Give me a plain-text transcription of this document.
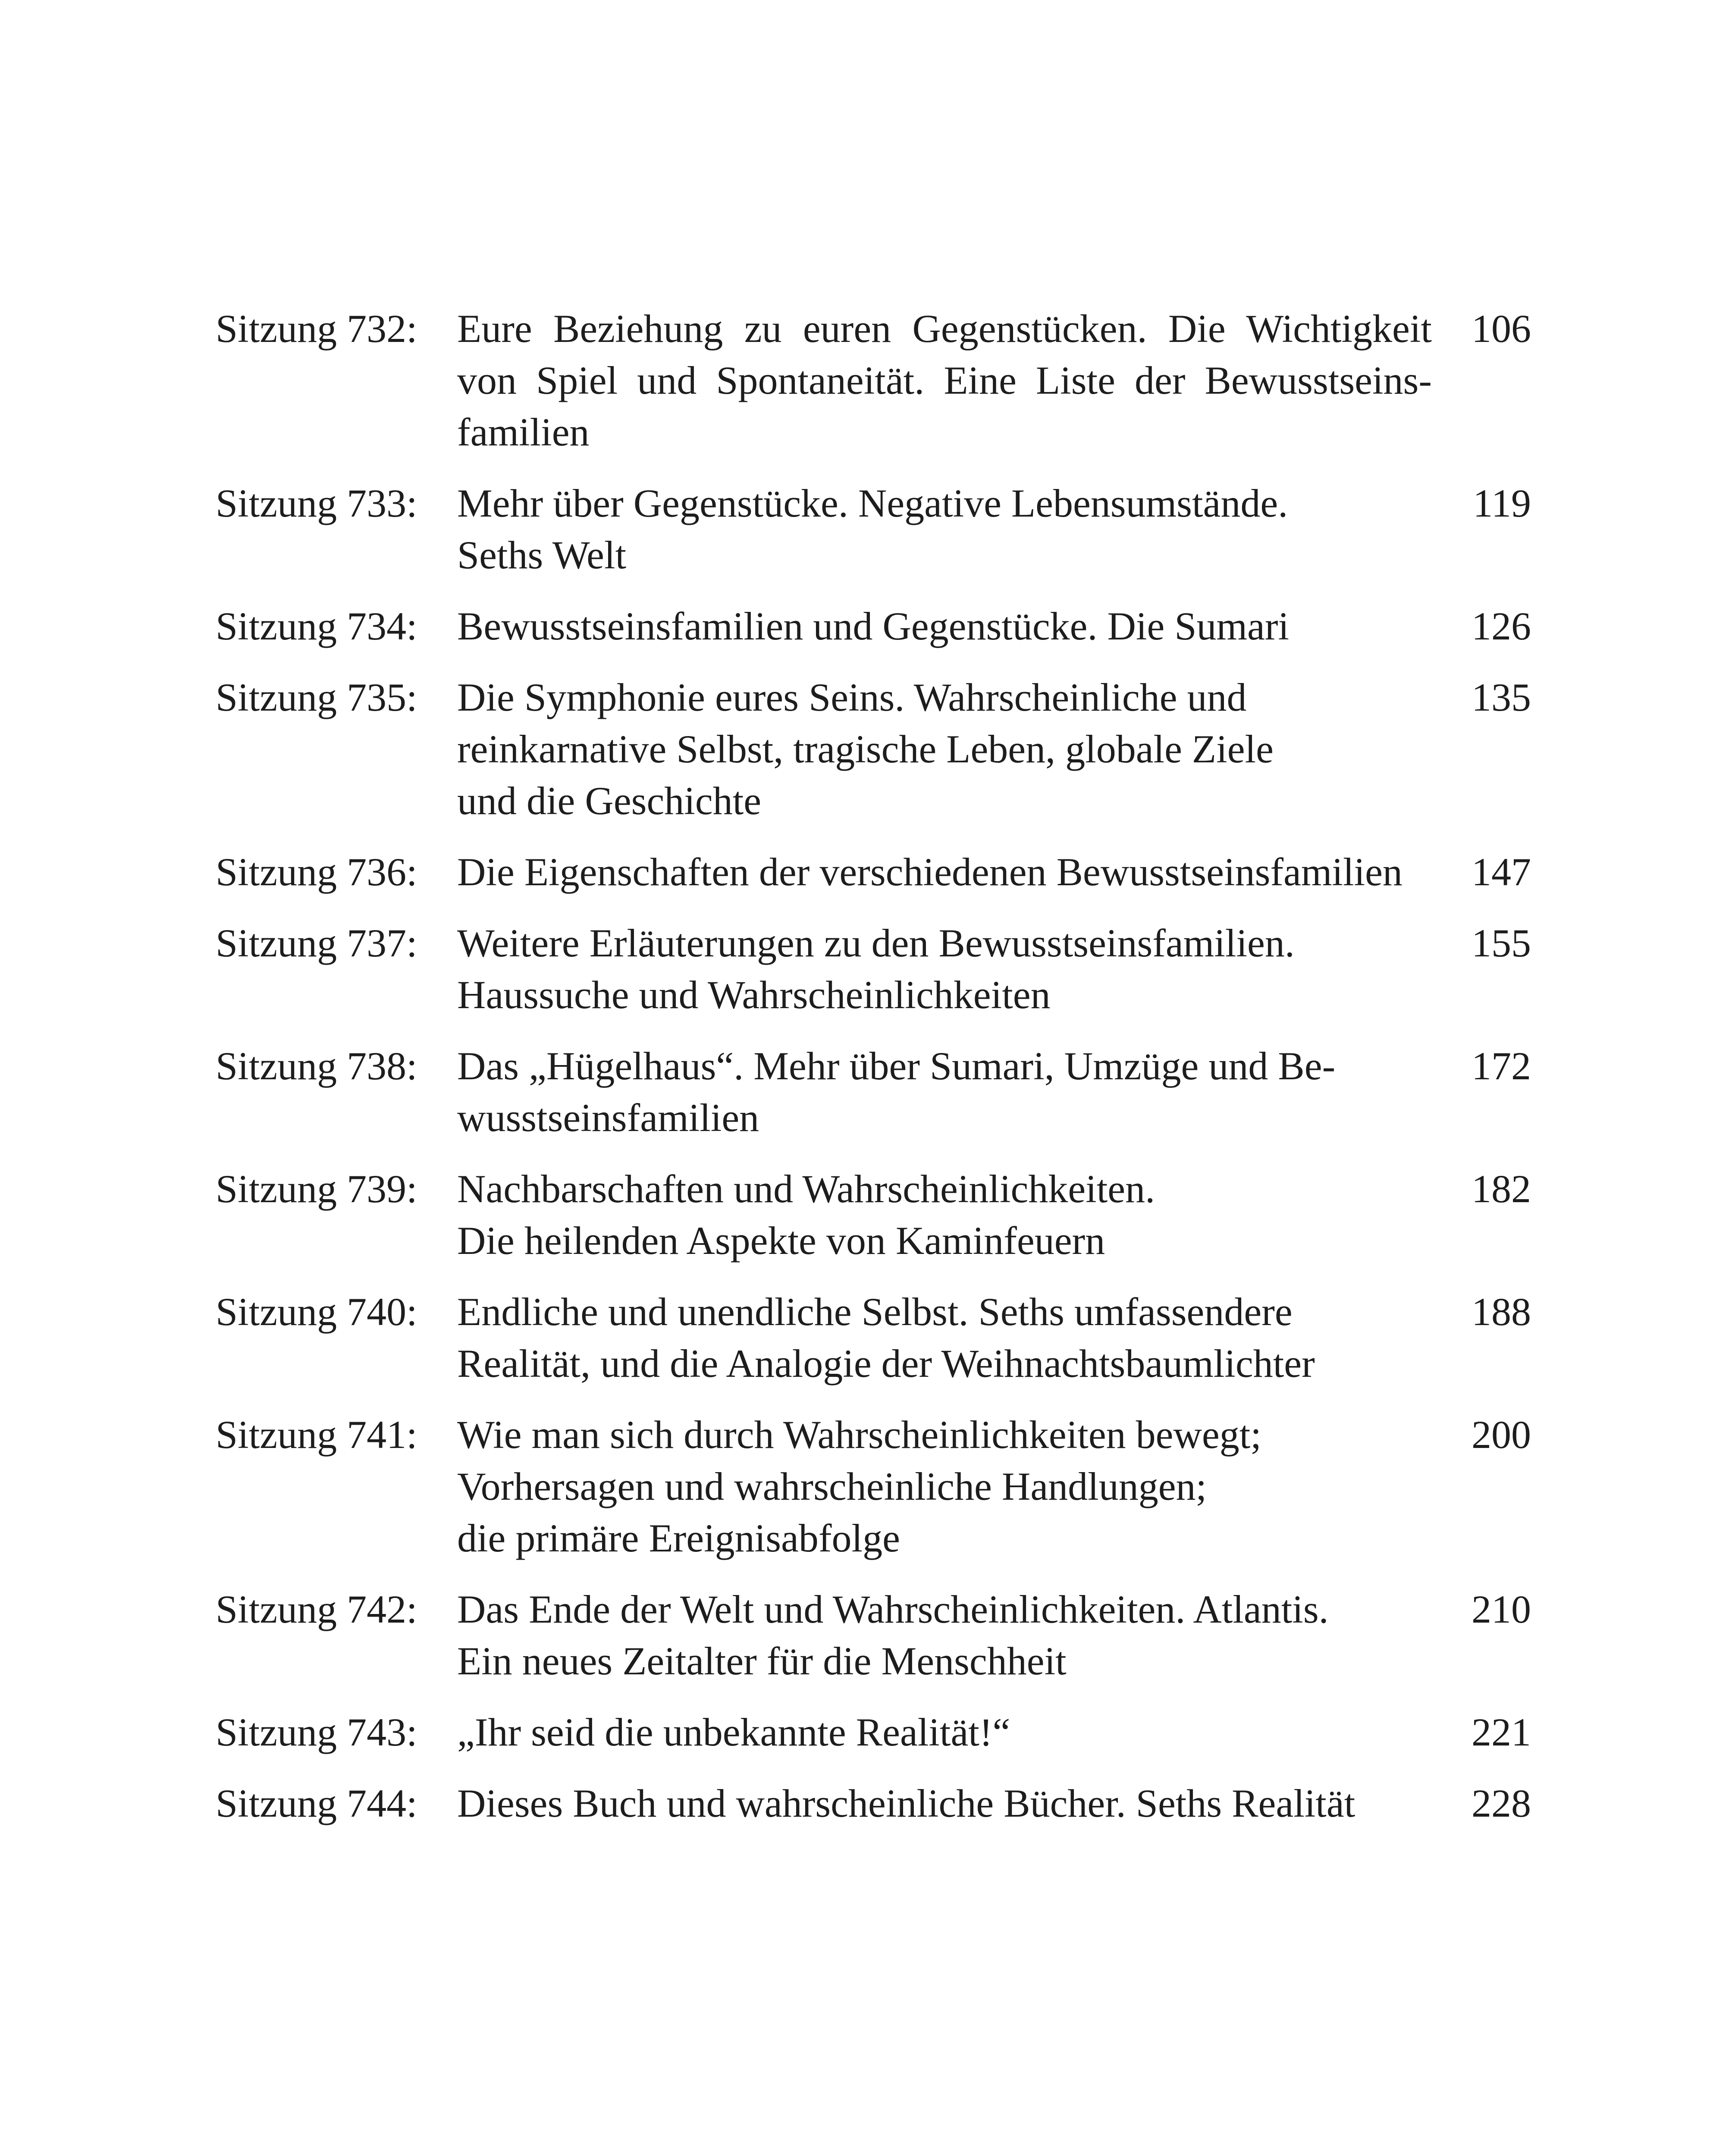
Sitzung 732:	Eure Beziehung zu euren Gegenstücken. Die Wichtigkeit
von Spiel und Spontaneität. Eine Liste der Bewusstseins-
familien
106
Sitzung 733:	Mehr über Gegenstücke. Negative Lebensumstände.
Seths Welt
119
Sitzung 734:	Bewusstseinsfamilien und Gegenstücke. Die Sumari	126
Sitzung 735:	Die Symphonie eures Seins. Wahrscheinliche und
reinkarnative Selbst, tragische Leben, globale Ziele
und die Geschichte
135
Sitzung 736:	Die Eigenschaften der verschiedenen Bewusstseinsfamilien	147
Sitzung 737:	Weitere Erläuterungen zu den Bewusstseinsfamilien.
Haussuche und Wahrscheinlichkeiten
155
Sitzung 738:	Das „Hügelhaus“. Mehr über Sumari, Umzüge und Be-
wusstseinsfamilien
172
Sitzung 739:	Nachbarschaften und Wahrscheinlichkeiten.
Die heilenden Aspekte von Kaminfeuern
182
Sitzung 740:	Endliche und unendliche Selbst. Seths umfassendere
Realität, und die Analogie der Weihnachtsbaumlichter
188
Sitzung 741:	Wie man sich durch Wahrscheinlichkeiten bewegt;
Vorhersagen und wahrscheinliche Handlungen;
die primäre Ereignisabfolge
200
Sitzung 742:	Das Ende der Welt und Wahrscheinlichkeiten. Atlantis.
Ein neues Zeitalter für die Menschheit
210
Sitzung 743:	„Ihr seid die unbekannte Realität!“	221
Sitzung 744:	Dieses Buch und wahrscheinliche Bücher. Seths Realität	228
